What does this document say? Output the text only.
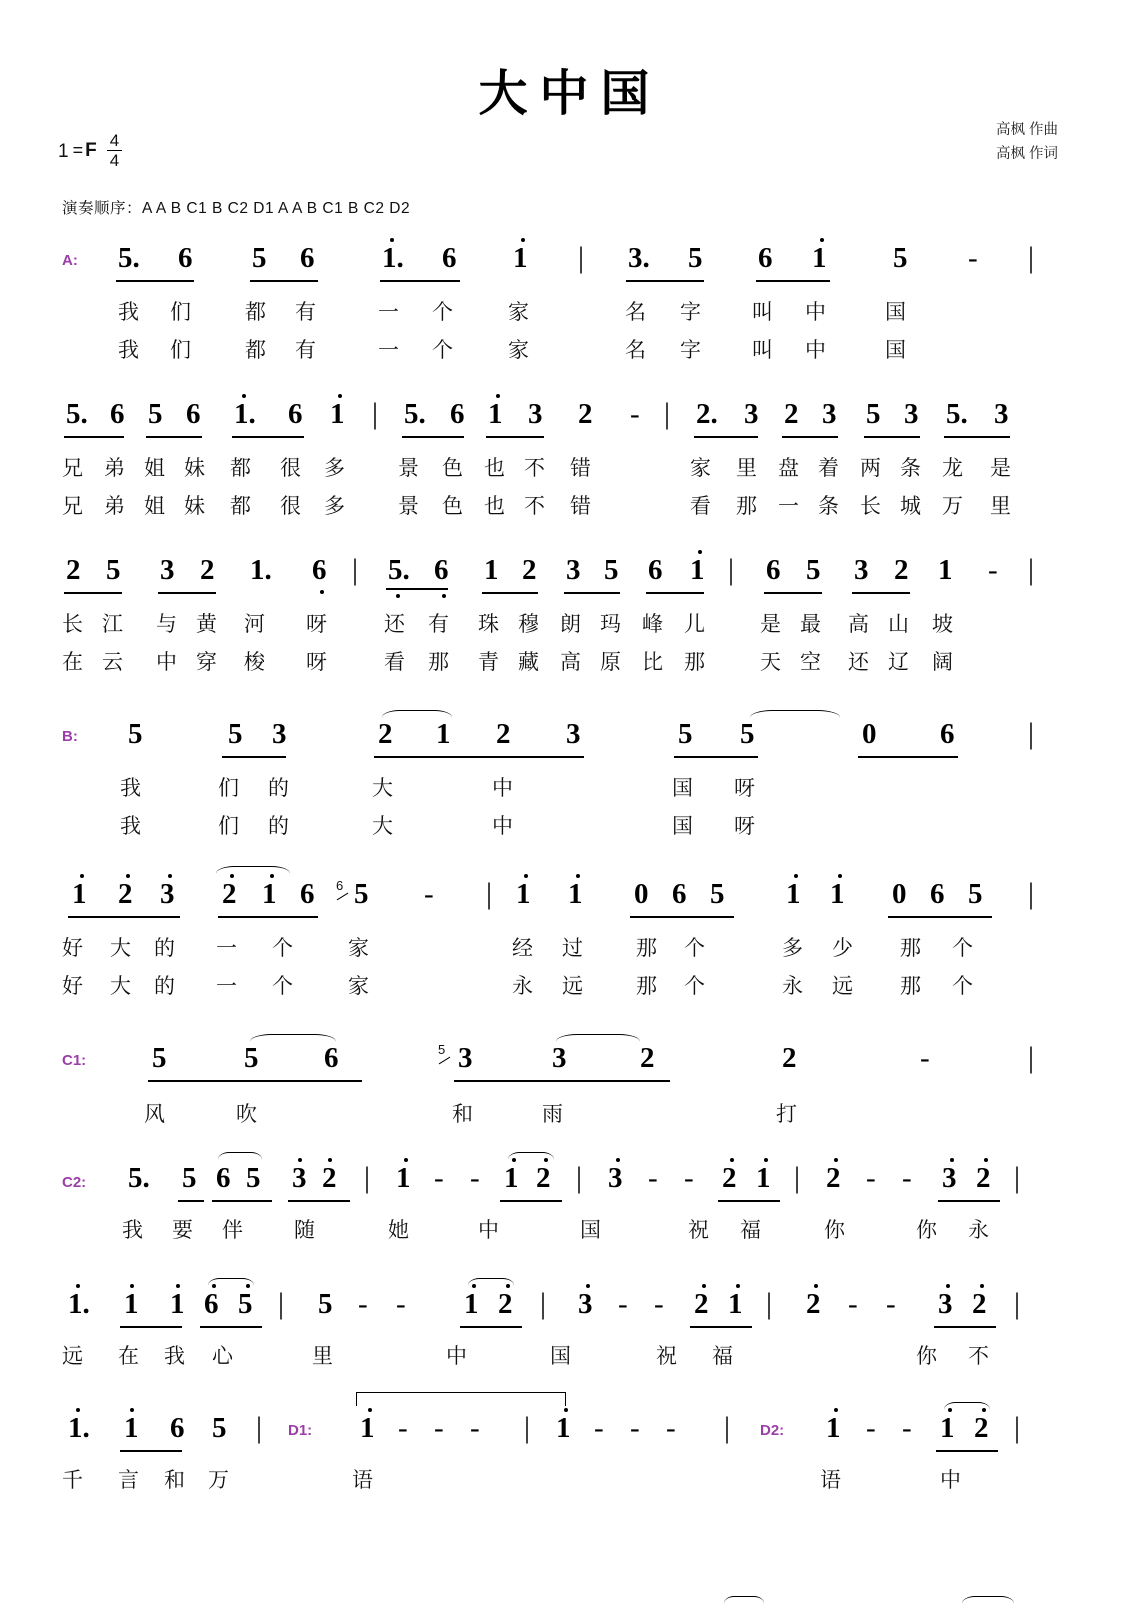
大中国
高枫 作曲
高枫 作词
1 = F $\frac{4}{4}$
演奏顺序：A A B C1 B C2 D1 A A B C1 B C2 D2
A: 5. 6 5 6 1. 6 1 | 3. 5 6 1 5 - |
我 们	都 有	一 个	家	名 字 叫 中	国
我 们	都 有	一 个	家	名 字 叫 中	国
5. 6 5 6 1. 6 1 | 5. 6 1 3 2 - | 2. 3 2 3 5 3 5. 3
兄 弟 姐 妹 都 很 多	景 色 也 不 错	家 里 盘 着 两 条 龙 是
兄 弟 姐 妹 都 很 多	景 色 也 不 错	看 那 一 条 长 城 万 里
2 5 3 2 1. 6 | 5. 6 1 2 3 5 6 1 | 6 5 3 2 1 - |
长 江 与 黄 河 呀	还 有 珠 穆 朗 玛 峰 儿	是 最 高 山 坡
在 云 中 穿 梭 呀	看 那 青 藏 高 原 比 那	天 空 还 辽 阔
B: 5	5 3	2 1 2 3	5 5	0 6 |
我	们 的	大	中	国 呀
我	们 的	大	中	国 呀
1 2 3 2 1 6 6 5 - | 1 1 0 6 5 1 1 0 6 5 |
好 大 的 一 个	家	经 过	那 个	多 少 那 个
好 大 的 一 个	家	永 远	那 个	永 远 那 个
C1: 5	5 6	5 3	3	2	2	-	|
风	吹	和	雨	打
C2: 5. 5 6 5 3 2 | 1 - - 1 2 | 3 - - 2 1 | 2 - - 3 2 |
我 要 伴 随	她	中	国	祝 福	你	你 永
1. 1 1 6 5 | 5 - - 1 2 | 3 - - 2 1 | 2 - - 3 2 |
远 在 我 心	里	中	国	祝 福	你 不
1. 1 6 5 | D1: 1 - - - | 1 - - - | D2: 1 - - 1 2 |
千 言 和 万	语	语	中
